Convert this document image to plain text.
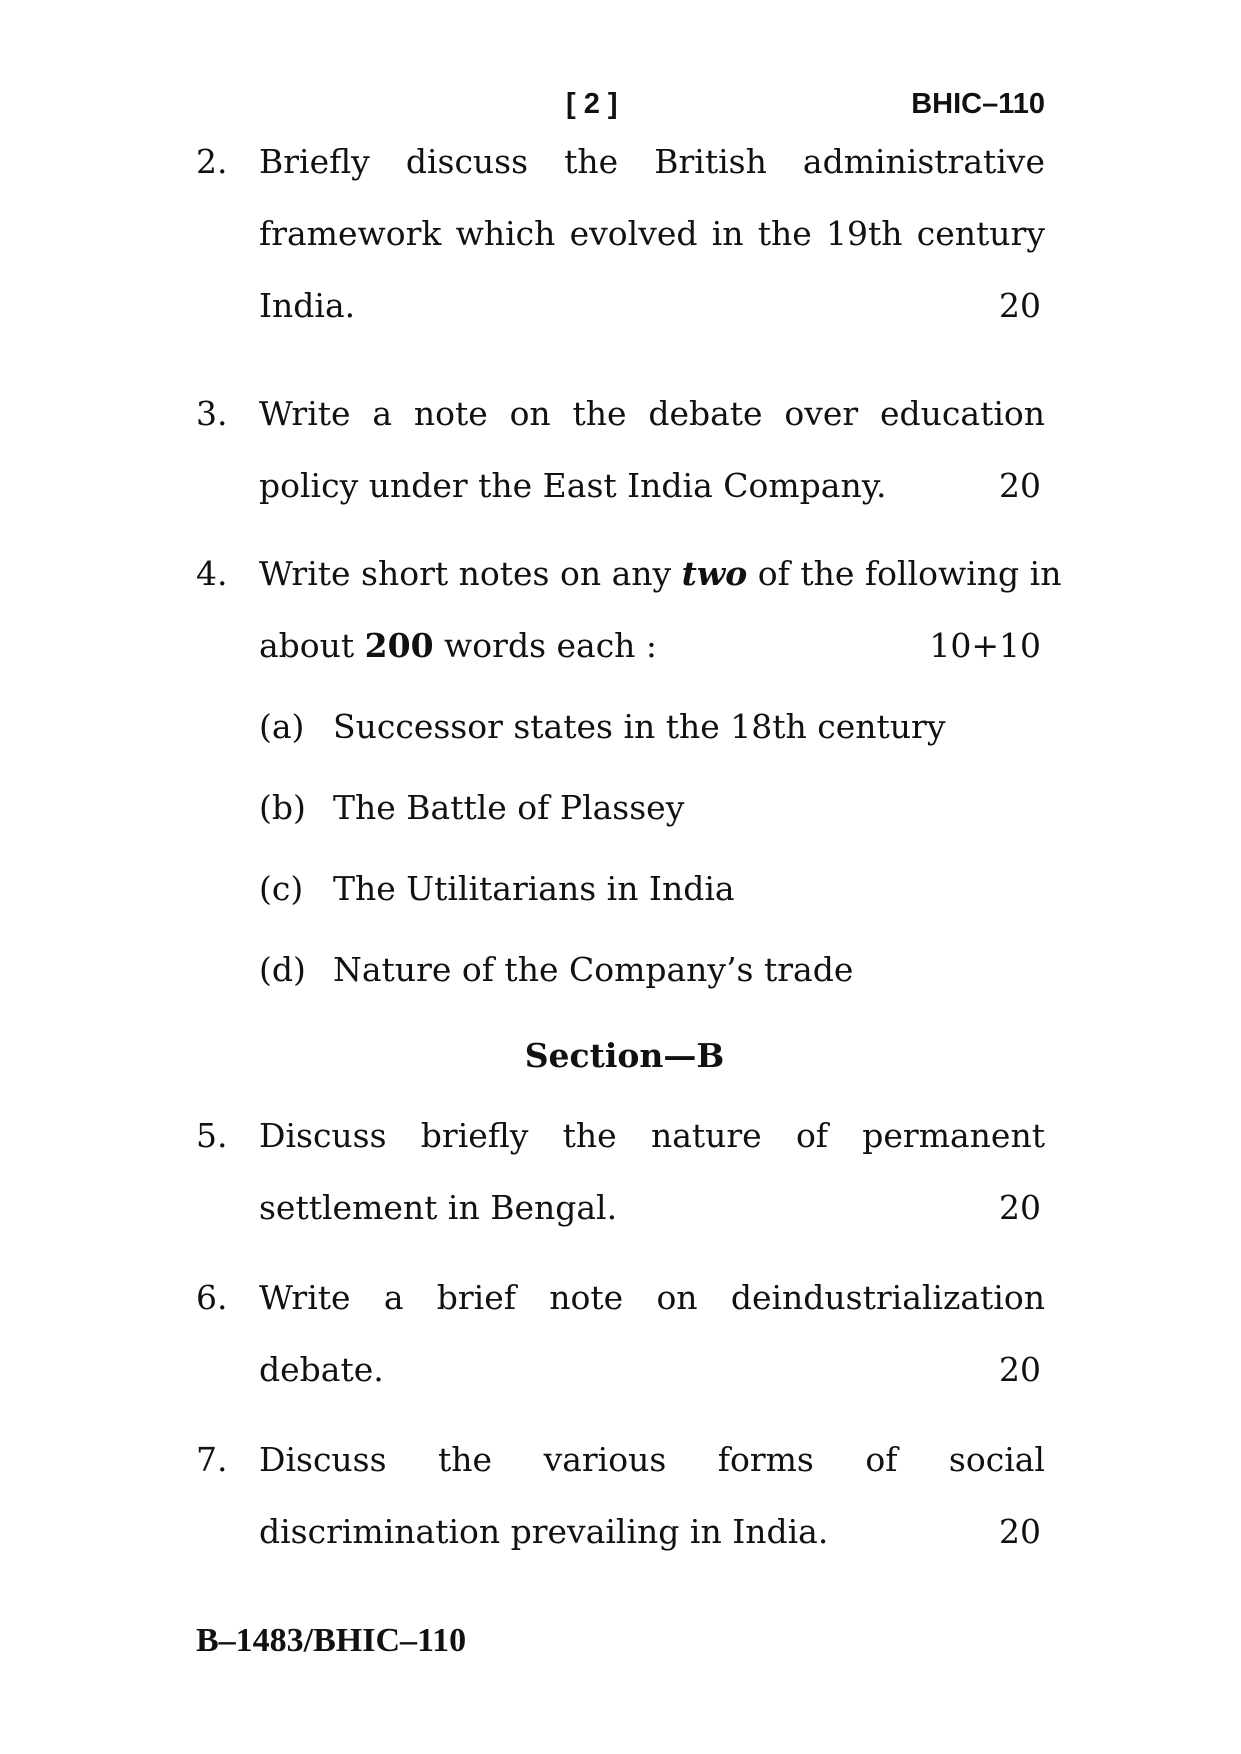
[ 2 ]	BHIC–110
2. Briefly discuss the British administrative
framework which evolved in the 19th century
India.	20
3. Write a note on the debate over education
policy under the East India Company.	20
4. Write short notes on any two of the following in
about 200 words each :	10+10
(a) Successor states in the 18th century
(b) The Battle of Plassey
(c) The Utilitarians in India
(d) Nature of the Company’s trade
Section—B
5. Discuss briefly the nature of permanent
settlement in Bengal.	20
6. Write a brief note on deindustrialization
debate.	20
7. Discuss the various forms of social
discrimination prevailing in India.	20
B–1483/BHIC–110
